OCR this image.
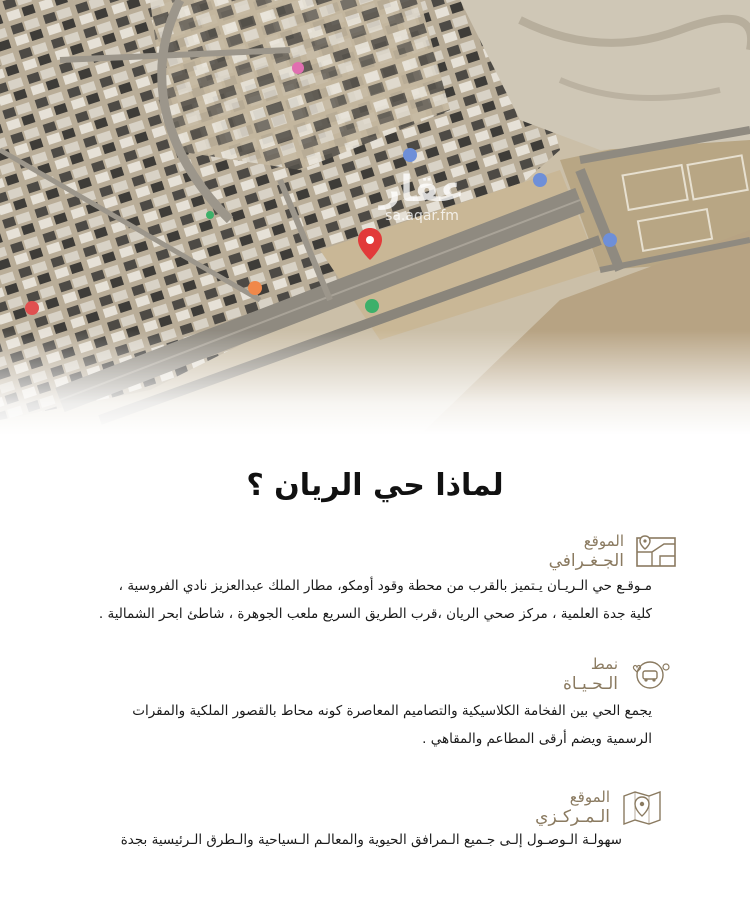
عقار
sa.aqar.fm
لماذا حي الريان ؟
الموقع
الجـغـرافي
مـوقـع حي الـريـان يـتميز بالقرب من محطة وقود أومكو، مطار الملك عبدالعزيز نادي الفروسية ،
كلية جدة العلمية ، مركز صحي الريان ،قرب الطريق السريع ملعب الجوهرة ، شاطئ ابحر الشمالية .
نمط
الـحـيـاة
يجمع الحي بين الفخامة الكلاسيكية والتصاميم المعاصرة كونه محاط بالقصور الملكية والمقرات
الرسمية ويضم أرقى المطاعم والمقاهي .
الموقع
الـمـركـزي
سهولـة الـوصـول إلـى جـميع الـمرافق الحيوية والمعالـم الـسياحية والـطرق الـرئيسية بجدة
